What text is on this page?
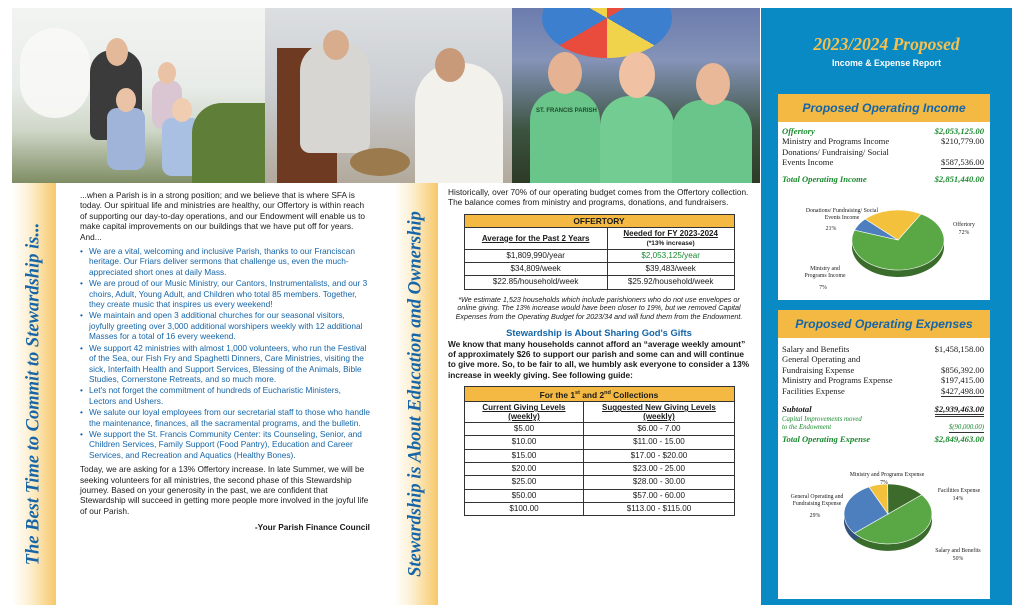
ST. FRANCIS PARISH
The Best Time to Commit to Stewardship is...	Stewardship is About Education and Ownership

...when a Parish is in a strong position; and we believe that is where SFA is today. Our spiritual life and ministries are healthy, our Offertory is within reach of supporting our day-to-day operations, and our Endowment will enable us to make capital improvements on our buildings that we have put off for years. And...

• We are a vital, welcoming and inclusive Parish, thanks to our Franciscan heritage. Our Friars deliver sermons that challenge us, even the much-appreciated short ones at daily Mass.
• We are proud of our Music Ministry, our Cantors, Instrumentalists, and our 3 choirs, Adult, Young Adult, and Children who total 85 members. Together, they create music that inspires us every weekend!
• We maintain and open 3 additional churches for our seasonal visitors, joyfully greeting over 3,000 additional worshipers weekly with 12 additional Masses for a total of 16 every weekend.
• We support 42 ministries with almost 1,000 volunteers, who run the Festival of the Sea, our Fish Fry and Spaghetti Dinners, Care Ministries, visiting the sick, Interfaith Health and Support Services, Blessing of the Animals, Bible Studies, Cornerstone Retreats, and so much more.
• Let's not forget the commitment of hundreds of Eucharistic Ministers, Lectors and Ushers.
• We salute our loyal employees from our secretarial staff to those who handle the maintenance, finances, all the sacramental programs, and the bulletin.
• We support the St. Francis Community Center: its Counseling, Senior, and Children Services, Family Support (Food Pantry), Education and Career Services, and Recreation and Aquatics (Healthy Bones).

Today, we are asking for a 13% Offertory increase. In late Summer, we will be seeking volunteers for all ministries, the second phase of this Stewardship journey. Based on your generosity in the past, we are confident that Stewardship will succeed in getting more people more involved in the joyful life of our Parish.

-Your Parish Finance Council

Historically, over 70% of our operating budget comes from the Offertory collection. The balance comes from ministry and programs, donations, and fundraisers.

OFFERTORY	
Average for the Past 2 Years	Needed for FY 2023-2024
(*13% increase)
$1,809,990/year	$2,053,125/year
$34,809/week	$39,483/week
$22.85/household/week	$25.92/household/week

*We estimate 1,523 households which include parishioners who do not use envelopes or online giving. The 13% increase would have been closer to 19%, but we removed Capital Expenses from the Operating Budget for 2023/34 and will fund them from the Endowment.

Stewardship is About Sharing God's Gifts

We know that many households cannot afford an “average weekly amount” of approximately $26 to support our parish and some can and will continue to give more. So, to be fair to all, we humbly ask everyone to consider a 13% increase in weekly giving. See following guide:

For the 1st and 2nd Collections	
Current Giving Levels (weekly)	Suggested New Giving Levels (weekly)
$5.00	$6.00 - 7.00
$10.00	$11.00 - 15.00
$15.00	$17.00 - $20.00
$20.00	$23.00 - 25.00
$25.00	$28.00 - 30.00
$50.00	$57.00 - 60.00
$100.00	$113.00 - $115.00
2023/2024 Proposed
Income & Expense Report
Proposed Operating Income
Offertory	$2,053,125.00
Ministry and Programs Income	$210,779.00
Donations/ Fundraising/ Social
Events Income	$587,536.00
Total Operating Income	$2,851,440.00
Donations/ Fundraising/ Social
Events Income
21%
Offertory
72%
Ministry and
Programs Income
7%
Proposed Operating Expenses
Salary and Benefits	$1,458,158.00
General Operating and
Fundraising Expense	$856,392.00
Ministry and Programs Expense	$197,415.00
Facilities Expense	$427,498.00
Subtotal	$2,939,463.00
Capital Improvements moved
to the Endowment	$(90,000.00)
Total Operating Expense	$2,849,463.00
Ministry and Programs Expense
7%
Facilities Expense
14%
General Operating and
Fundraising Expense
29%
Salary and Benefits
50%
